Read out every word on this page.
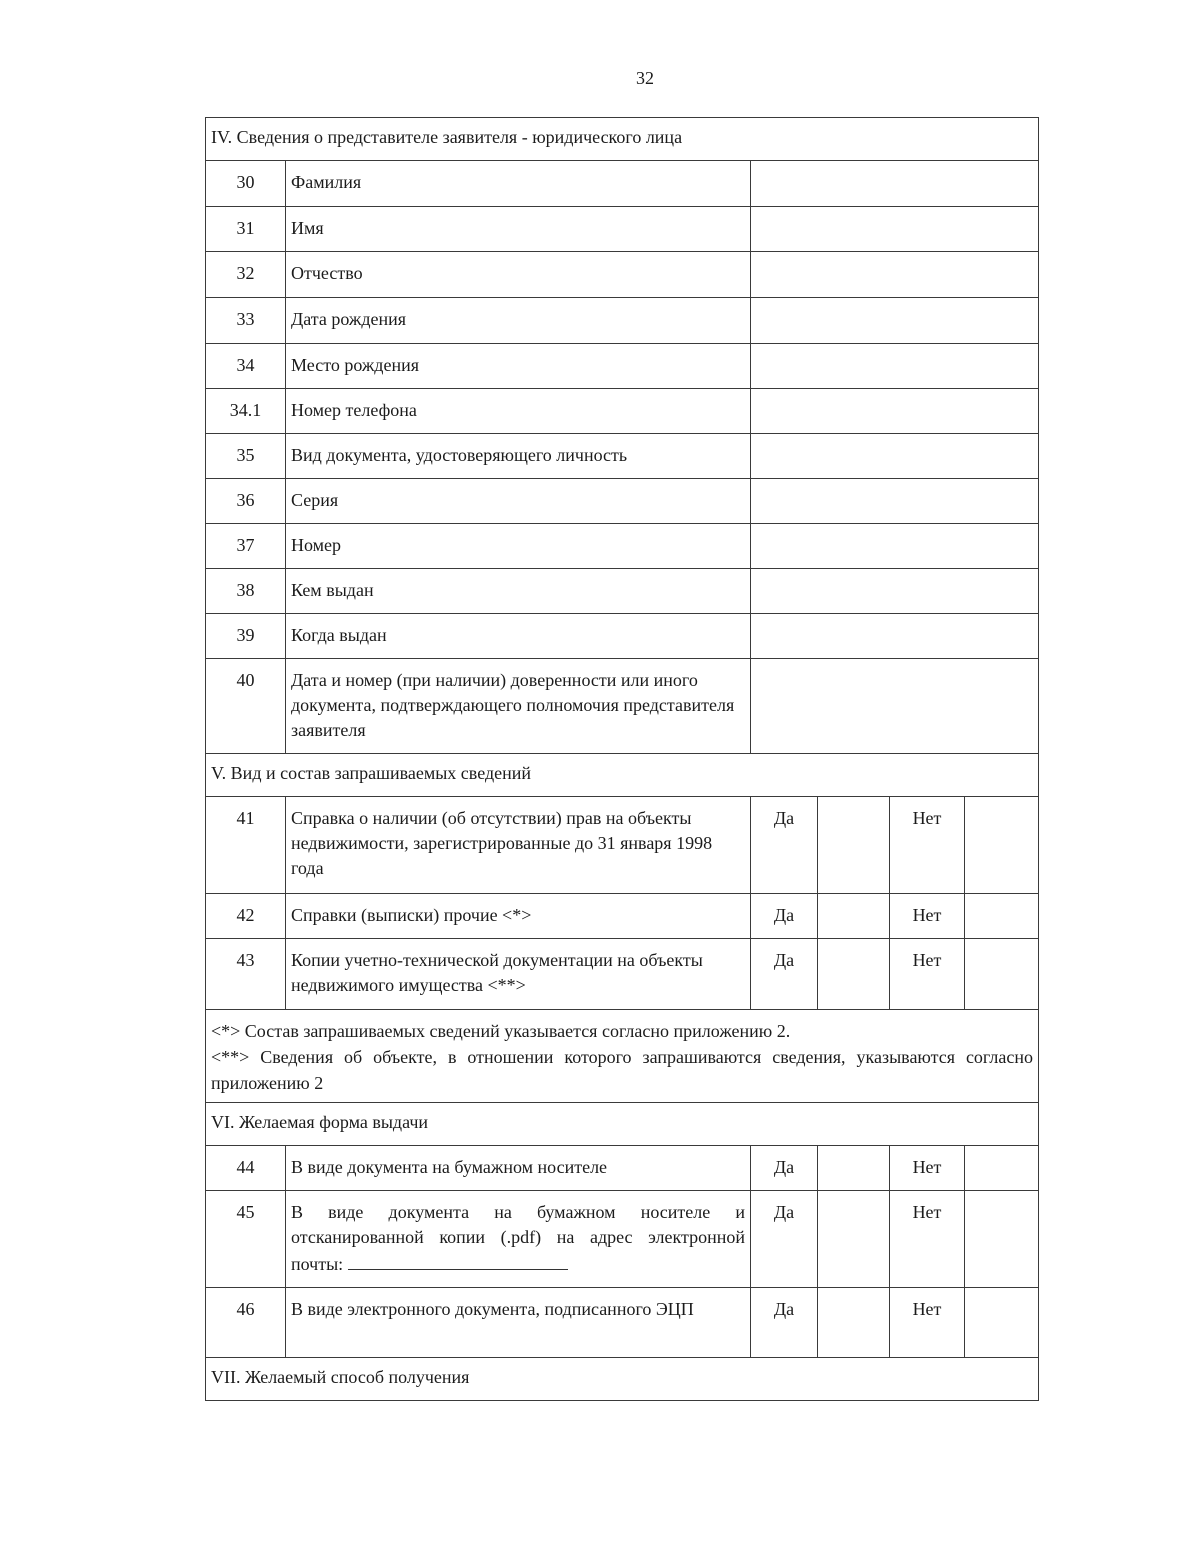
32
IV. Сведения о представителе заявителя - юридического лица					
30	Фамилия				
31	Имя				
32	Отчество				
33	Дата рождения				
34	Место рождения				
34.1	Номер телефона				
35	Вид документа, удостоверяющего личность				
36	Серия				
37	Номер				
38	Кем выдан				
39	Когда выдан				
40	Дата и номер (при наличии) доверенности или иного документа, подтверждающего полномочия представителя заявителя				
V. Вид и состав запрашиваемых сведений					
41	Справка о наличии (об отсутствии) прав на объекты недвижимости, зарегистрированные до 31 января 1998 года	Да		Нет	
42	Справки (выписки) прочие <*>	Да		Нет	
43	Копии учетно-технической документации на объекты недвижимого имущества <**>	Да		Нет	

<*> Состав запрашиваемых сведений указывается согласно приложению 2.
<**> Сведения об объекте, в отношении которого запрашиваются сведения, указываются согласно приложению 2					

VI. Желаемая форма выдачи					
44	В виде документа на бумажном носителе	Да		Нет	
45	В виде документа на бумажном носителе и отсканированной копии (.pdf) на адрес электронной почты:	Да		Нет	
46	В виде электронного документа, подписанного ЭЦП	Да		Нет	
VII. Желаемый способ получения					
